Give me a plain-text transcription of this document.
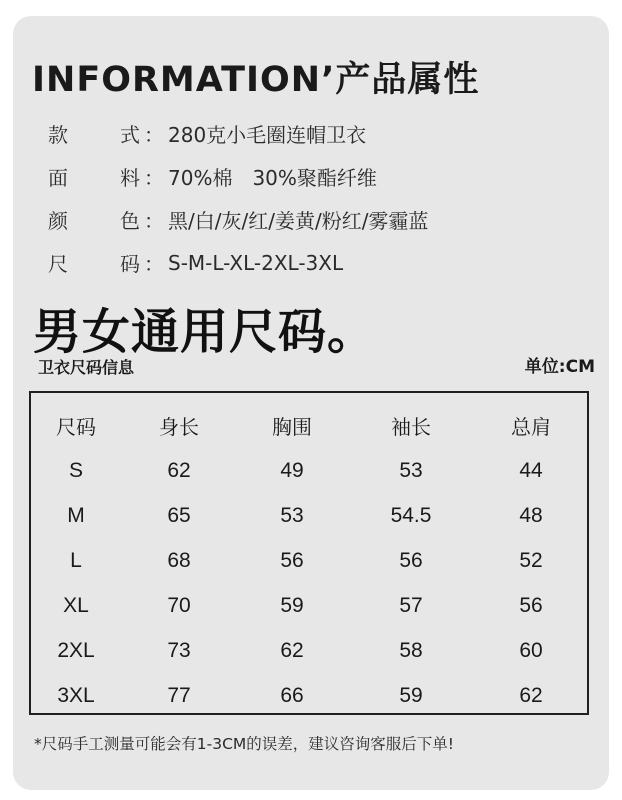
INFORMATION’产品属性
款	式 ： 280克小毛圈连帽卫衣
面	料 ： 70%棉　30%聚酯纤维
颜	色 ： 黑/白/灰/红/姜黄/粉红/雾霾蓝
尺	码 ： S-M-L-XL-2XL-3XL
男女通用尺码。
卫衣尺码信息	单位:CM
尺码	身长	胸围	袖长	总肩
S	62	49	53	44
M	65	53	54.5	48
L	68	56	56	52
XL	70	59	57	56
2XL	73	62	58	60
3XL	77	66	59	62
*尺码手工测量可能会有1-3CM的误差，建议咨询客服后下单!
